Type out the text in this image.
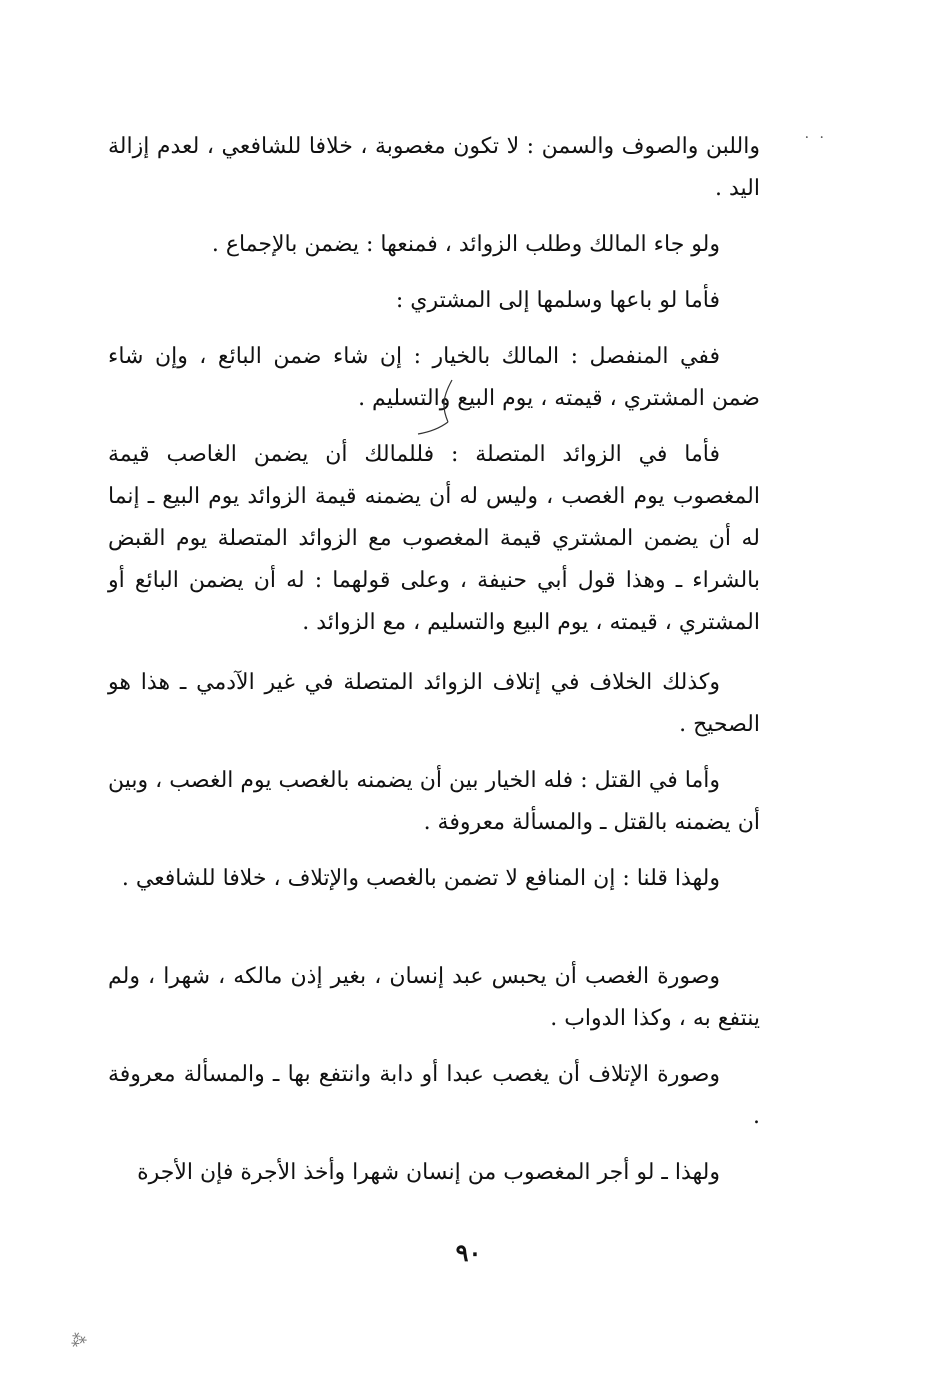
· ·

واللبن والصوف والسمن : لا تكون مغصوبة ، خلافا للشافعي ، لعدم إزالة اليد .

ولو جاء المالك وطلب الزوائد ، فمنعها : يضمن بالإجماع .

فأما لو باعها وسلمها إلى المشتري :

ففي المنفصل : المالك بالخيار : إن شاء ضمن البائع ، وإن شاء ضمن المشتري ، قيمته ، يوم البيع والتسليم .

فأما في الزوائد المتصلة : فللمالك أن يضمن الغاصب قيمة المغصوب يوم الغصب ، وليس له أن يضمنه قيمة الزوائد يوم البيع ـ إنما له أن يضمن المشتري قيمة المغصوب مع الزوائد المتصلة يوم القبض بالشراء ـ وهذا قول أبي حنيفة ، وعلى قولهما : له أن يضمن البائع أو المشتري ، قيمته ، يوم البيع والتسليم ، مع الزوائد .

وكذلك الخلاف في إتلاف الزوائد المتصلة في غير الآدمي ـ هذا هو الصحيح .

وأما في القتل : فله الخيار بين أن يضمنه بالغصب يوم الغصب ، وبين أن يضمنه بالقتل ـ والمسألة معروفة .

ولهذا قلنا : إن المنافع لا تضمن بالغصب والإتلاف ، خلافا للشافعي .

وصورة الغصب أن يحبس عبد إنسان ، بغير إذن مالكه ، شهرا ، ولم ينتفع به ، وكذا الدواب .

وصورة الإتلاف أن يغصب عبدا أو دابة وانتفع بها ـ والمسألة معروفة .

ولهذا ـ لو أجر المغصوب من إنسان شهرا وأخذ الأجرة فإن الأجرة

٩٠
⁂
